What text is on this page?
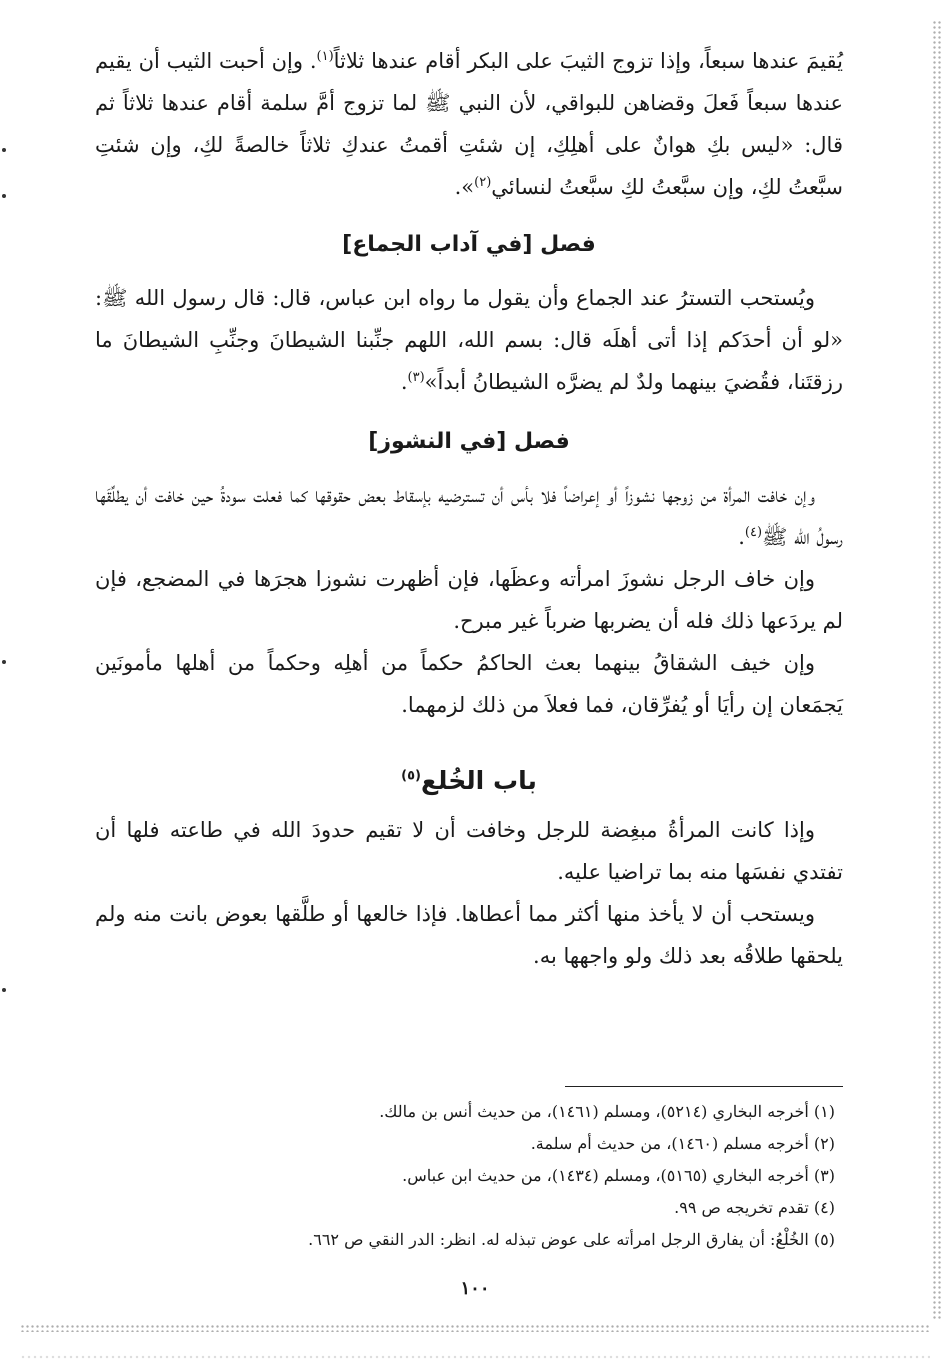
يُقيمَ عندها سبعاً، وإذا تزوج الثيبَ على البكر أقام عندها ثلاثاً$^{(١)}$. وإن أحبت الثيب أن يقيم عندها سبعاً فَعلَ وقضاهن للبواقي، لأن النبي ﷺ لما تزوج أمَّ سلمة أقام عندها ثلاثاً ثم قال: «ليس بكِ هوانٌ على أهلِكِ، إن شئتِ أقمتُ عندكِ ثلاثاً خالصةً لكِ، وإن شئتِ سبَّعتُ لكِ، وإن سبَّعتُ لكِ سبَّعتُ لنسائي$^{(٢)}$».

فصل [في آداب الجماع]

ويُستحب التسترُ عند الجماع وأن يقول ما رواه ابن عباس، قال: قال رسول الله ﷺ: «لو أن أحدَكم إذا أتى أهلَه قال: بسم الله، اللهم جنِّبنا الشيطانَ وجنِّبِ الشيطانَ ما رزقتَنا، فقُضيَ بينهما ولدٌ لم يضرَّه الشيطانُ أبداً»$^{(٣)}$.

فصل [في النشوز]

وإن خافت المرأة من زوجها نشوزاً أو إعراضاً فلا بأس أن تسترضيه بإسقاط بعض حقوقها كما فعلت سودةُ حين خافت أن يطلِّقَها رسولُ الله ﷺ$^{(٤)}$.

وإن خاف الرجل نشوزَ امرأته وعظَها، فإن أظهرت نشوزا هجرَها في المضجع، فإن لم يردَعها ذلك فله أن يضربها ضرباً غير مبرح.

وإن خيف الشقاقُ بينهما بعث الحاكمُ حكماً من أهلِه وحكماً من أهلها مأمونَين يَجمَعان إن رأيَا أو يُفرِّقان، فما فعلاَ من ذلك لزمهما.

باب الخُلع$^{(٥)}$

وإذا كانت المرأةُ مبغِضة للرجل وخافت أن لا تقيم حدودَ الله في طاعته فلها أن تفتدي نفسَها منه بما تراضيا عليه.

ويستحب أن لا يأخذ منها أكثر مما أعطاها. فإذا خالعها أو طلَّقها بعوض بانت منه ولم يلحقها طلاقُه بعد ذلك ولو واجهها به.

(١) أخرجه البخاري (٥٢١٤)، ومسلم (١٤٦١)، من حديث أنس بن مالك.

(٢) أخرجه مسلم (١٤٦٠)، من حديث أم سلمة.

(٣) أخرجه البخاري (٥١٦٥)، ومسلم (١٤٣٤)، من حديث ابن عباس.

(٤) تقدم تخريجه ص ٩٩.

(٥) الخُلْعُ: أن يفارق الرجل امرأته على عوض تبذله له. انظر: الدر النقي ص ٦٦٢.

١٠٠
